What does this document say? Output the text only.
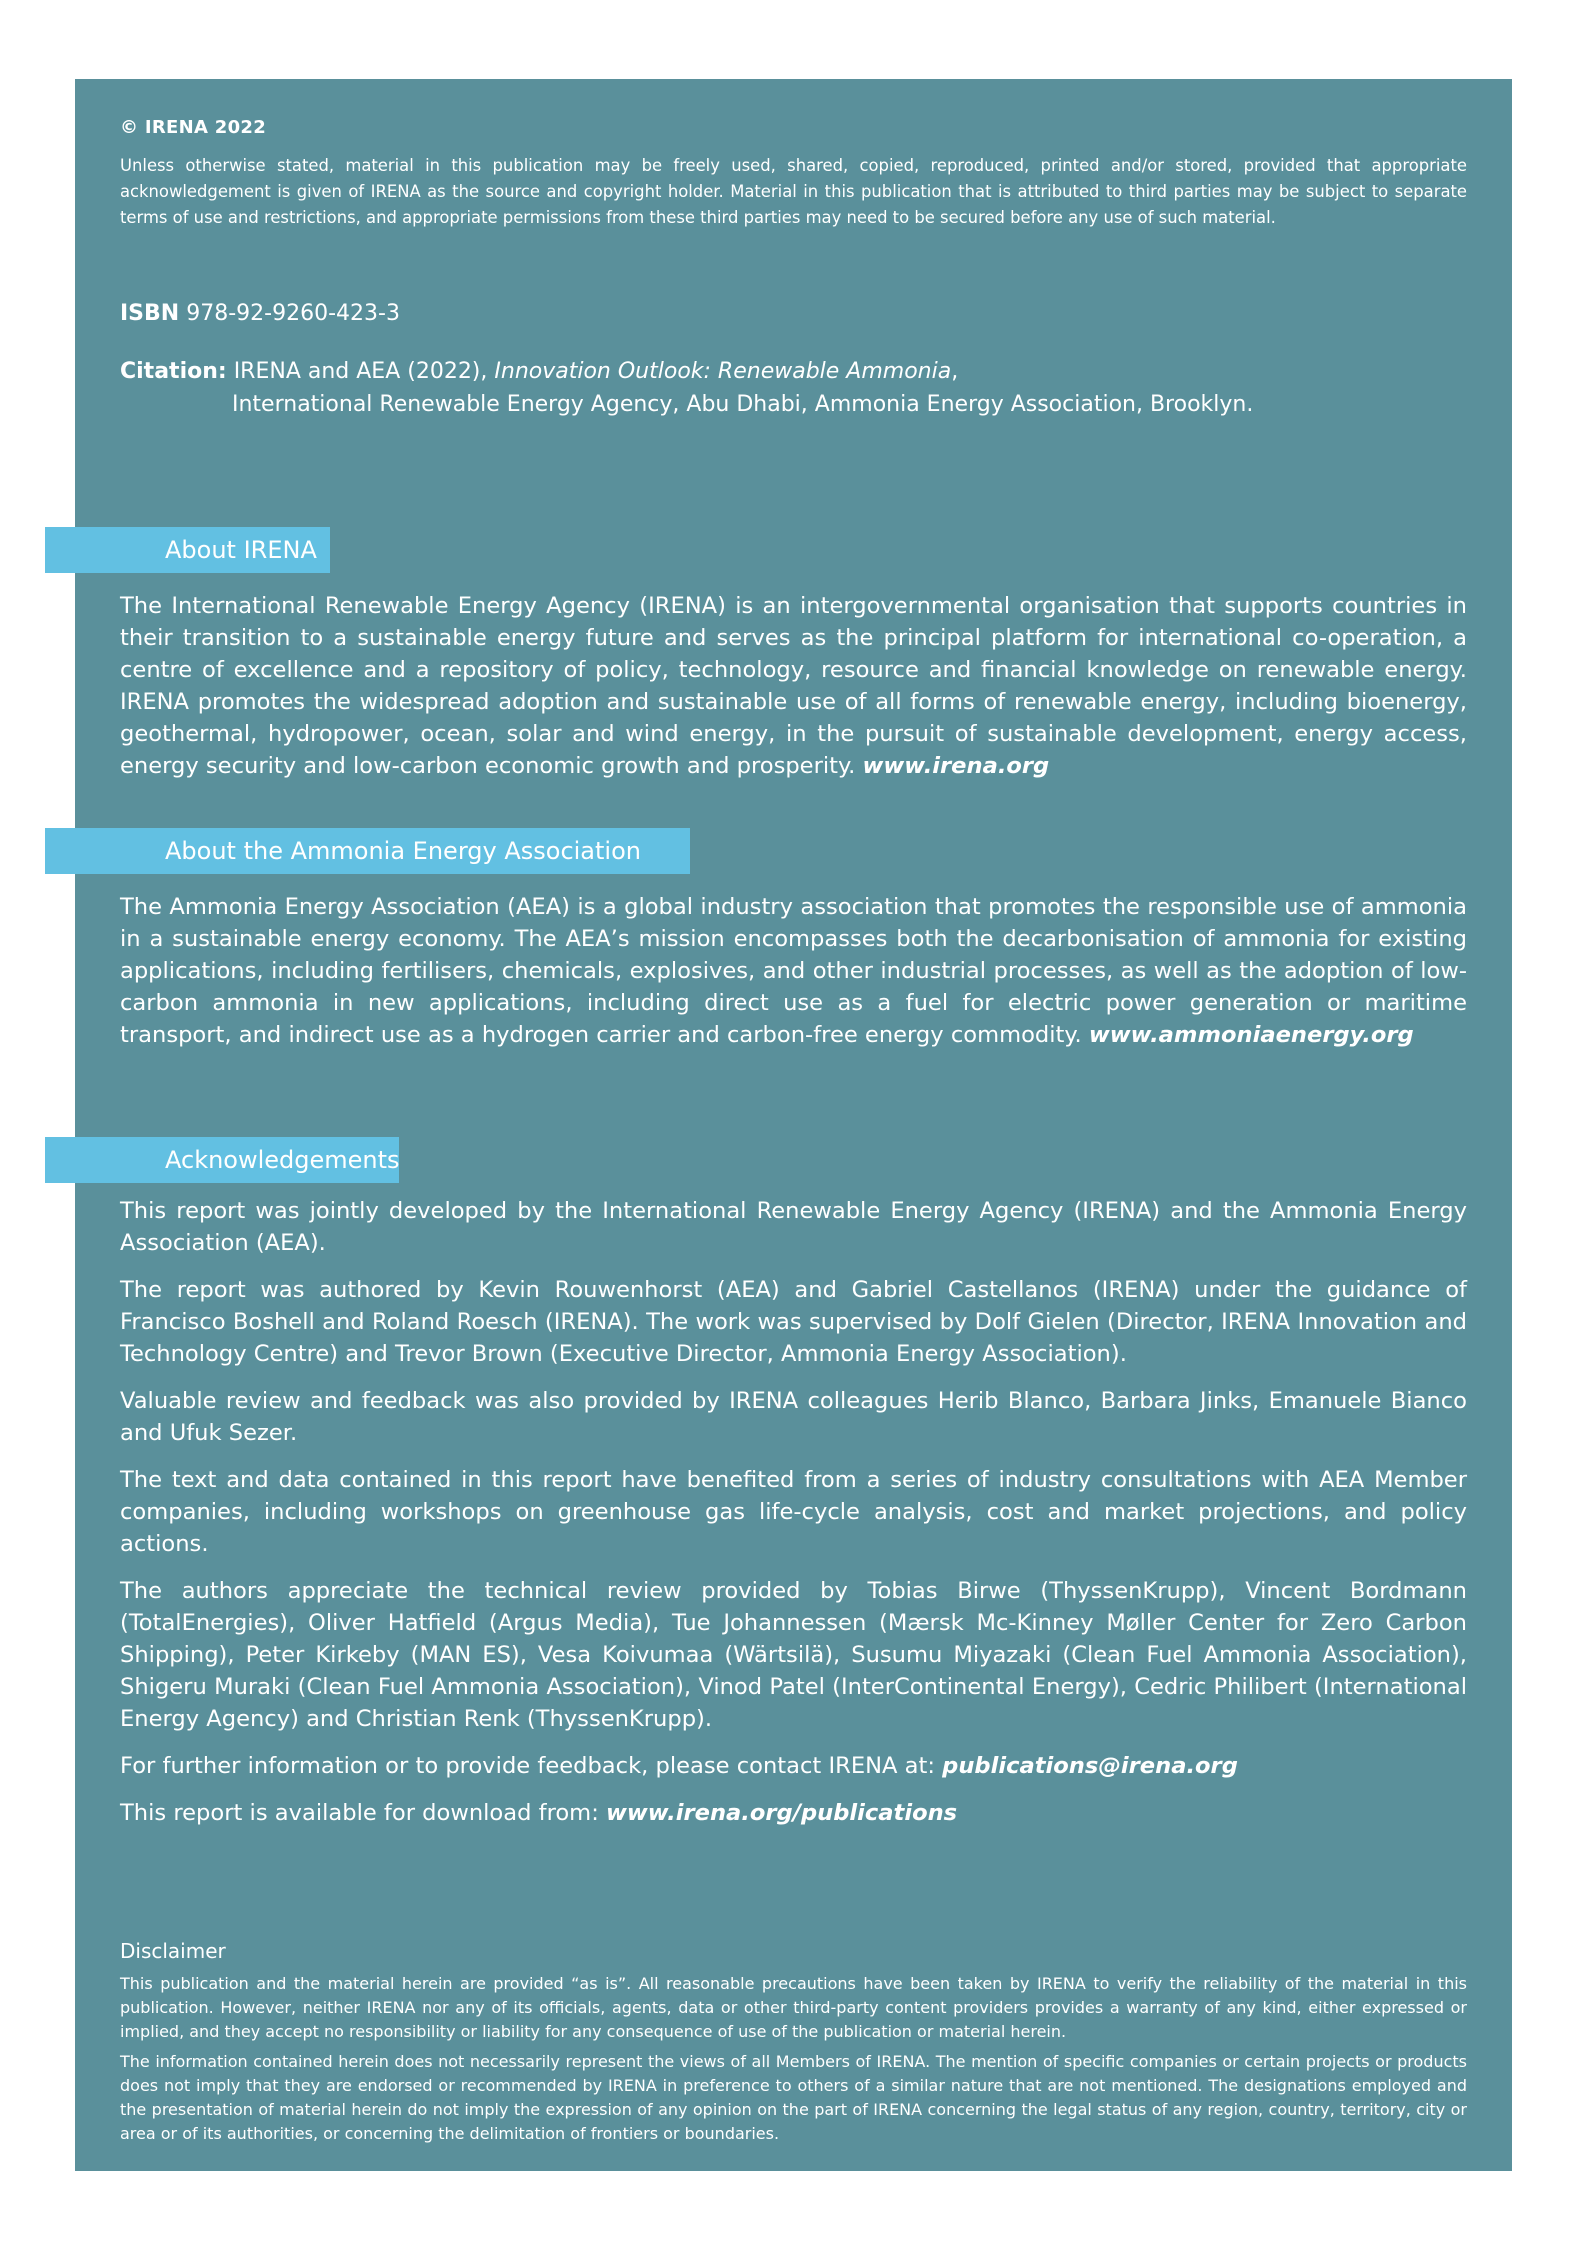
© IRENA 2022
Unless otherwise stated, material in this publication may be freely used, shared, copied, reproduced, printed and/or stored, provided that appropriate acknowledgement is given of IRENA as the source and copyright holder. Material in this publication that is attributed to third parties may be subject to separate terms of use and restrictions, and appropriate permissions from these third parties may need to be secured before any use of such material.
ISBN 978-92-9260-423-3
Citation: IRENA and AEA (2022), Innovation Outlook: Renewable Ammonia,
International Renewable Energy Agency, Abu Dhabi, Ammonia Energy Association, Brooklyn.
About IRENA
The International Renewable Energy Agency (IRENA) is an intergovernmental organisation that supports countries in their transition to a sustainable energy future and serves as the principal platform for international co-operation, a centre of excellence and a repository of policy, technology, resource and financial knowledge on renewable energy. IRENA promotes the widespread adoption and sustainable use of all forms of renewable energy, including bioenergy, geothermal, hydropower, ocean, solar and wind energy, in the pursuit of sustainable development, energy access, energy security and low-carbon economic growth and prosperity. www.irena.org
About the Ammonia Energy Association
The Ammonia Energy Association (AEA) is a global industry association that promotes the responsible use of ammonia in a sustainable energy economy. The AEA’s mission encompasses both the decarbonisation of ammonia for existing applications, including fertilisers, chemicals, explosives, and other industrial processes, as well as the adoption of low-carbon ammonia in new applications, including direct use as a fuel for electric power generation or maritime transport, and indirect use as a hydrogen carrier and carbon-free energy commodity. www.ammoniaenergy.org
Acknowledgements

This report was jointly developed by the International Renewable Energy Agency (IRENA) and the Ammonia Energy Association (AEA).

The report was authored by Kevin Rouwenhorst (AEA) and Gabriel Castellanos (IRENA) under the guidance of Francisco Boshell and Roland Roesch (IRENA). The work was supervised by Dolf Gielen (Director, IRENA Innovation and Technology Centre) and Trevor Brown (Executive Director, Ammonia Energy Association).

Valuable review and feedback was also provided by IRENA colleagues Herib Blanco, Barbara Jinks, Emanuele Bianco and Ufuk Sezer.

The text and data contained in this report have benefited from a series of industry consultations with AEA Member companies, including workshops on greenhouse gas life-cycle analysis, cost and market projections, and policy actions.

The authors appreciate the technical review provided by Tobias Birwe (ThyssenKrupp), Vincent Bordmann (TotalEnergies), Oliver Hatfield (Argus Media), Tue Johannessen (Mærsk Mc-Kinney Møller Center for Zero Carbon Shipping), Peter Kirkeby (MAN ES), Vesa Koivumaa (Wärtsilä), Susumu Miyazaki (Clean Fuel Ammonia Association), Shigeru Muraki (Clean Fuel Ammonia Association), Vinod Patel (InterContinental Energy), Cedric Philibert (International Energy Agency) and Christian Renk (ThyssenKrupp).

For further information or to provide feedback, please contact IRENA at: publications@irena.org

This report is available for download from: www.irena.org/publications

Disclaimer

This publication and the material herein are provided “as is”. All reasonable precautions have been taken by IRENA to verify the reliability of the material in this publication. However, neither IRENA nor any of its officials, agents, data or other third-party content providers provides a warranty of any kind, either expressed or implied, and they accept no responsibility or liability for any consequence of use of the publication or material herein.

The information contained herein does not necessarily represent the views of all Members of IRENA. The mention of specific companies or certain projects or products does not imply that they are endorsed or recommended by IRENA in preference to others of a similar nature that are not mentioned. The designations employed and the presentation of material herein do not imply the expression of any opinion on the part of IRENA concerning the legal status of any region, country, territory, city or area or of its authorities, or concerning the delimitation of frontiers or boundaries.
